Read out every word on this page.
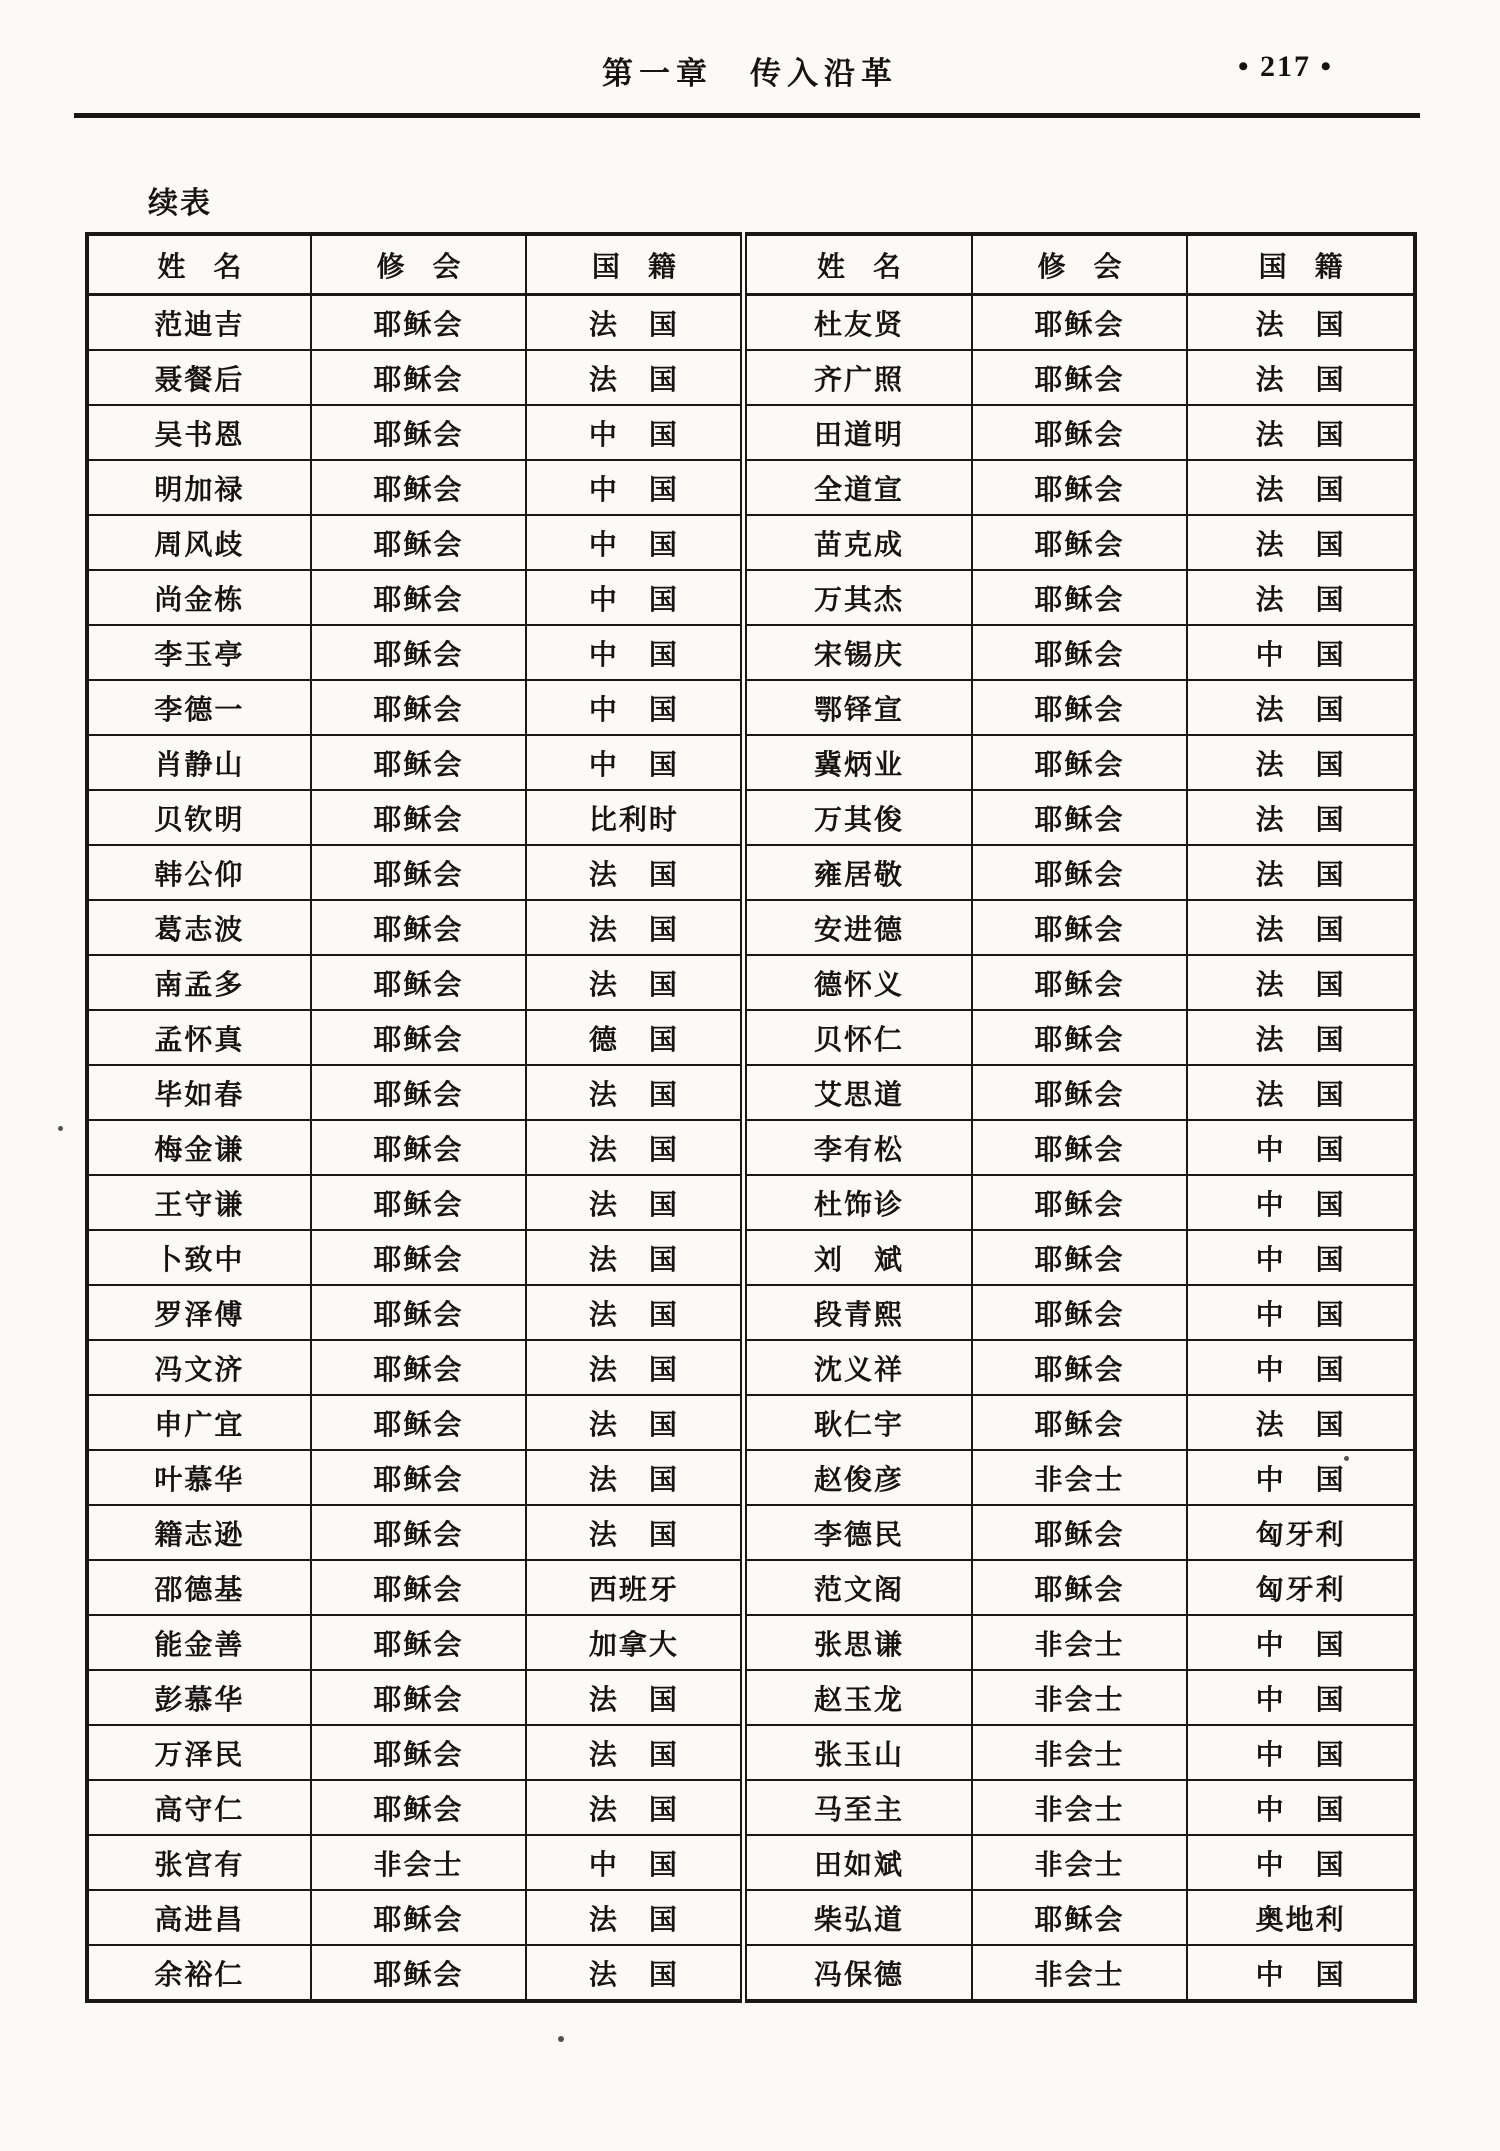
第一章　传入沿革	• 217 •
续表
姓　名	修　会	国　籍	姓　名	修　会	国　籍
范迪吉	耶稣会	法　国	杜友贤	耶稣会	法　国
聂餐后	耶稣会	法　国	齐广照	耶稣会	法　国
吴书恩	耶稣会	中　国	田道明	耶稣会	法　国
明加禄	耶稣会	中　国	全道宣	耶稣会	法　国
周风歧	耶稣会	中　国	苗克成	耶稣会	法　国
尚金栋	耶稣会	中　国	万其杰	耶稣会	法　国
李玉亭	耶稣会	中　国	宋锡庆	耶稣会	中　国
李德一	耶稣会	中　国	鄂铎宣	耶稣会	法　国
肖静山	耶稣会	中　国	冀炳业	耶稣会	法　国
贝钦明	耶稣会	比利时	万其俊	耶稣会	法　国
韩公仰	耶稣会	法　国	雍居敬	耶稣会	法　国
葛志波	耶稣会	法　国	安进德	耶稣会	法　国
南孟多	耶稣会	法　国	德怀义	耶稣会	法　国
孟怀真	耶稣会	德　国	贝怀仁	耶稣会	法　国
毕如春	耶稣会	法　国	艾思道	耶稣会	法　国
梅金谦	耶稣会	法　国	李有松	耶稣会	中　国
王守谦	耶稣会	法　国	杜饰诊	耶稣会	中　国
卜致中	耶稣会	法　国	刘　斌	耶稣会	中　国
罗泽傅	耶稣会	法　国	段青熙	耶稣会	中　国
冯文济	耶稣会	法　国	沈义祥	耶稣会	中　国
申广宜	耶稣会	法　国	耿仁宇	耶稣会	法　国
叶慕华	耶稣会	法　国	赵俊彦	非会士	中　国
籍志逊	耶稣会	法　国	李德民	耶稣会	匈牙利
邵德基	耶稣会	西班牙	范文阁	耶稣会	匈牙利
能金善	耶稣会	加拿大	张思谦	非会士	中　国
彭慕华	耶稣会	法　国	赵玉龙	非会士	中　国
万泽民	耶稣会	法　国	张玉山	非会士	中　国
高守仁	耶稣会	法　国	马至主	非会士	中　国
张宫有	非会士	中　国	田如斌	非会士	中　国
高进昌	耶稣会	法　国	柴弘道	耶稣会	奥地利
余裕仁	耶稣会	法　国	冯保德	非会士	中　国
